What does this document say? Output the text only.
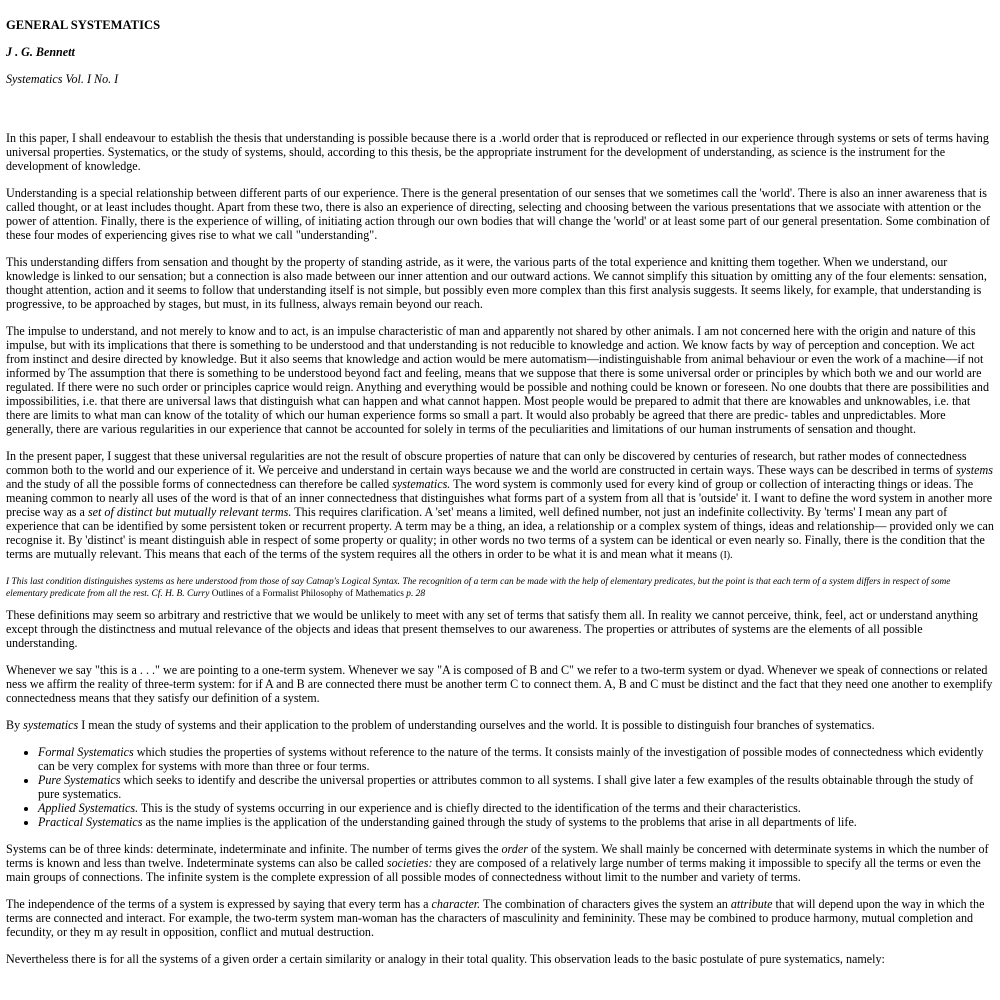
GENERAL SYSTEMATICS
J . G. Bennett
Systematics Vol. I No. I

In this paper, I shall endeavour to establish the thesis that understanding is possible because there is a .world order that is reproduced or reflected in our experience through systems or sets of terms having universal properties. Systematics, or the study of systems, should, according to this thesis, be the appropriate instrument for the development of understanding, as science is the instrument for the development of knowledge.

Understanding is a special relationship between different parts of our experience. There is the general presentation of our senses that we sometimes call the 'world'. There is also an inner awareness that is called thought, or at least includes thought. Apart from these two, there is also an experience of directing, selecting and choosing between the various presentations that we associate with attention or the power of attention. Finally, there is the experience of willing, of initiating action through our own bodies that will change the 'world' or at least some part of our general presentation. Some combination of these four modes of experiencing gives rise to what we call "understanding".

This understanding differs from sensation and thought by the property of standing astride, as it were, the various parts of the total experience and knitting them together. When we understand, our knowledge is linked to our sensation; but a connection is also made between our inner attention and our outward actions. We cannot simplify this situation by omitting any of the four elements: sensation, thought attention, action and it seems to follow that understanding itself is not simple, but possibly even more complex than this first analysis suggests. It seems likely, for example, that understanding is progressive, to be approached by stages, but must, in its fullness, always remain beyond our reach.

The impulse to understand, and not merely to know and to act, is an impulse characteristic of man and apparently not shared by other animals. I am not concerned here with the origin and nature of this impulse, but with its implications that there is something to be understood and that understanding is not reducible to knowledge and action. We know facts by way of perception and conception. We act from instinct and desire directed by knowledge. But it also seems that knowledge and action would be mere automatism—indistinguishable from animal behaviour or even the work of a machine—if not informed by The assumption that there is something to be understood beyond fact and feeling, means that we suppose that there is some universal order or principles by which both we and our world are regulated. If there were no such order or principles caprice would reign. Anything and everything would be possible and nothing could be known or foreseen. No one doubts that there are possibilities and impossibilities, i.e. that there are universal laws that distinguish what can happen and what cannot happen. Most people would be prepared to admit that there are knowables and unknowables, i.e. that there are limits to what man can know of the totality of which our human experience forms so small a part. It would also probably be agreed that there are predic- tables and unpredictables. More generally, there are various regularities in our experience that cannot be accounted for solely in terms of the peculiarities and limitations of our human instruments of sensation and thought.

In the present paper, I suggest that these universal regularities are not the result of obscure properties of nature that can only be discovered by centuries of research, but rather modes of connectedness common both to the world and our experience of it. We perceive and understand in certain ways because we and the world are constructed in certain ways. These ways can be described in terms of systems and the study of all the possible forms of connectedness can therefore be called systematics. The word system is commonly used for every kind of group or collection of interacting things or ideas. The meaning common to nearly all uses of the word is that of an inner connectedness that distinguishes what forms part of a system from all that is 'outside' it. I want to define the word system in another more precise way as a set of distinct but mutually relevant terms. This requires clarification. A 'set' means a limited, well defined number, not just an indefinite collectivity. By 'terms' I mean any part of experience that can be identified by some persistent token or recurrent property. A term may be a thing, an idea, a relationship or a complex system of things, ideas and relationship— provided only we can recognise it. By 'distinct' is meant distinguish able in respect of some property or quality; in other words no two terms of a system can be identical or even nearly so. Finally, there is the condition that the terms are mutually relevant. This means that each of the terms of the system requires all the others in order to be what it is and mean what it means (I).

I This last condition distinguishes systems as here understood from those of say Catnap's Logical Syntax. The recognition of a term can be made with the help of elementary predicates, but the point is that each term of a system differs in respect of some elementary predicate from all the rest. Cf. H. B. Curry Outlines of a Formalist Philosophy of Mathematics p. 28

These definitions may seem so arbitrary and restrictive that we would be unlikely to meet with any set of terms that satisfy them all. In reality we cannot perceive, think, feel, act or understand anything except through the distinctness and mutual relevance of the objects and ideas that present themselves to our awareness. The properties or attributes of systems are the elements of all possible understanding.

Whenever we say "this is a . . ." we are pointing to a one-term system. Whenever we say "A is composed of B and C" we refer to a two-term system or dyad. Whenever we speak of connections or related ness we affirm the reality of three-term system: for if A and B are connected there must be another term C to connect them. A, B and C must be distinct and the fact that they need one another to exemplify connectedness means that they satisfy our definition of a system.

By systematics I mean the study of systems and their application to the problem of understanding ourselves and the world. It is possible to distinguish four branches of systematics.

• Formal Systematics which studies the properties of systems without reference to the nature of the terms. It consists mainly of the investigation of possible modes of connectedness which evidently can be very complex for systems with more than three or four terms.
• Pure Systematics which seeks to identify and describe the universal properties or attributes common to all systems. I shall give later a few examples of the results obtainable through the study of pure systematics.
• Applied Systematics. This is the study of systems occurring in our experience and is chiefly directed to the identification of the terms and their characteristics.
• Practical Systematics as the name implies is the application of the understanding gained through the study of systems to the problems that arise in all departments of life.

Systems can be of three kinds: determinate, indeterminate and infinite. The number of terms gives the order of the system. We shall mainly be concerned with determinate systems in which the number of terms is known and less than twelve. Indeterminate systems can also be called societies: they are composed of a relatively large number of terms making it impossible to specify all the terms or even the main groups of connections. The infinite system is the complete expression of all possible modes of connectedness without limit to the number and variety of terms.

The independence of the terms of a system is expressed by saying that every term has a character. The combination of characters gives the system an attribute that will depend upon the way in which the terms are connected and interact. For example, the two-term system man-woman has the characters of masculinity and femininity. These may be combined to produce harmony, mutual completion and fecundity, or they m ay result in opposition, conflict and mutual destruction.

Nevertheless there is for all the systems of a given order a certain similarity or analogy in their total quality. This observation leads to the basic postulate of pure systematics, namely:
